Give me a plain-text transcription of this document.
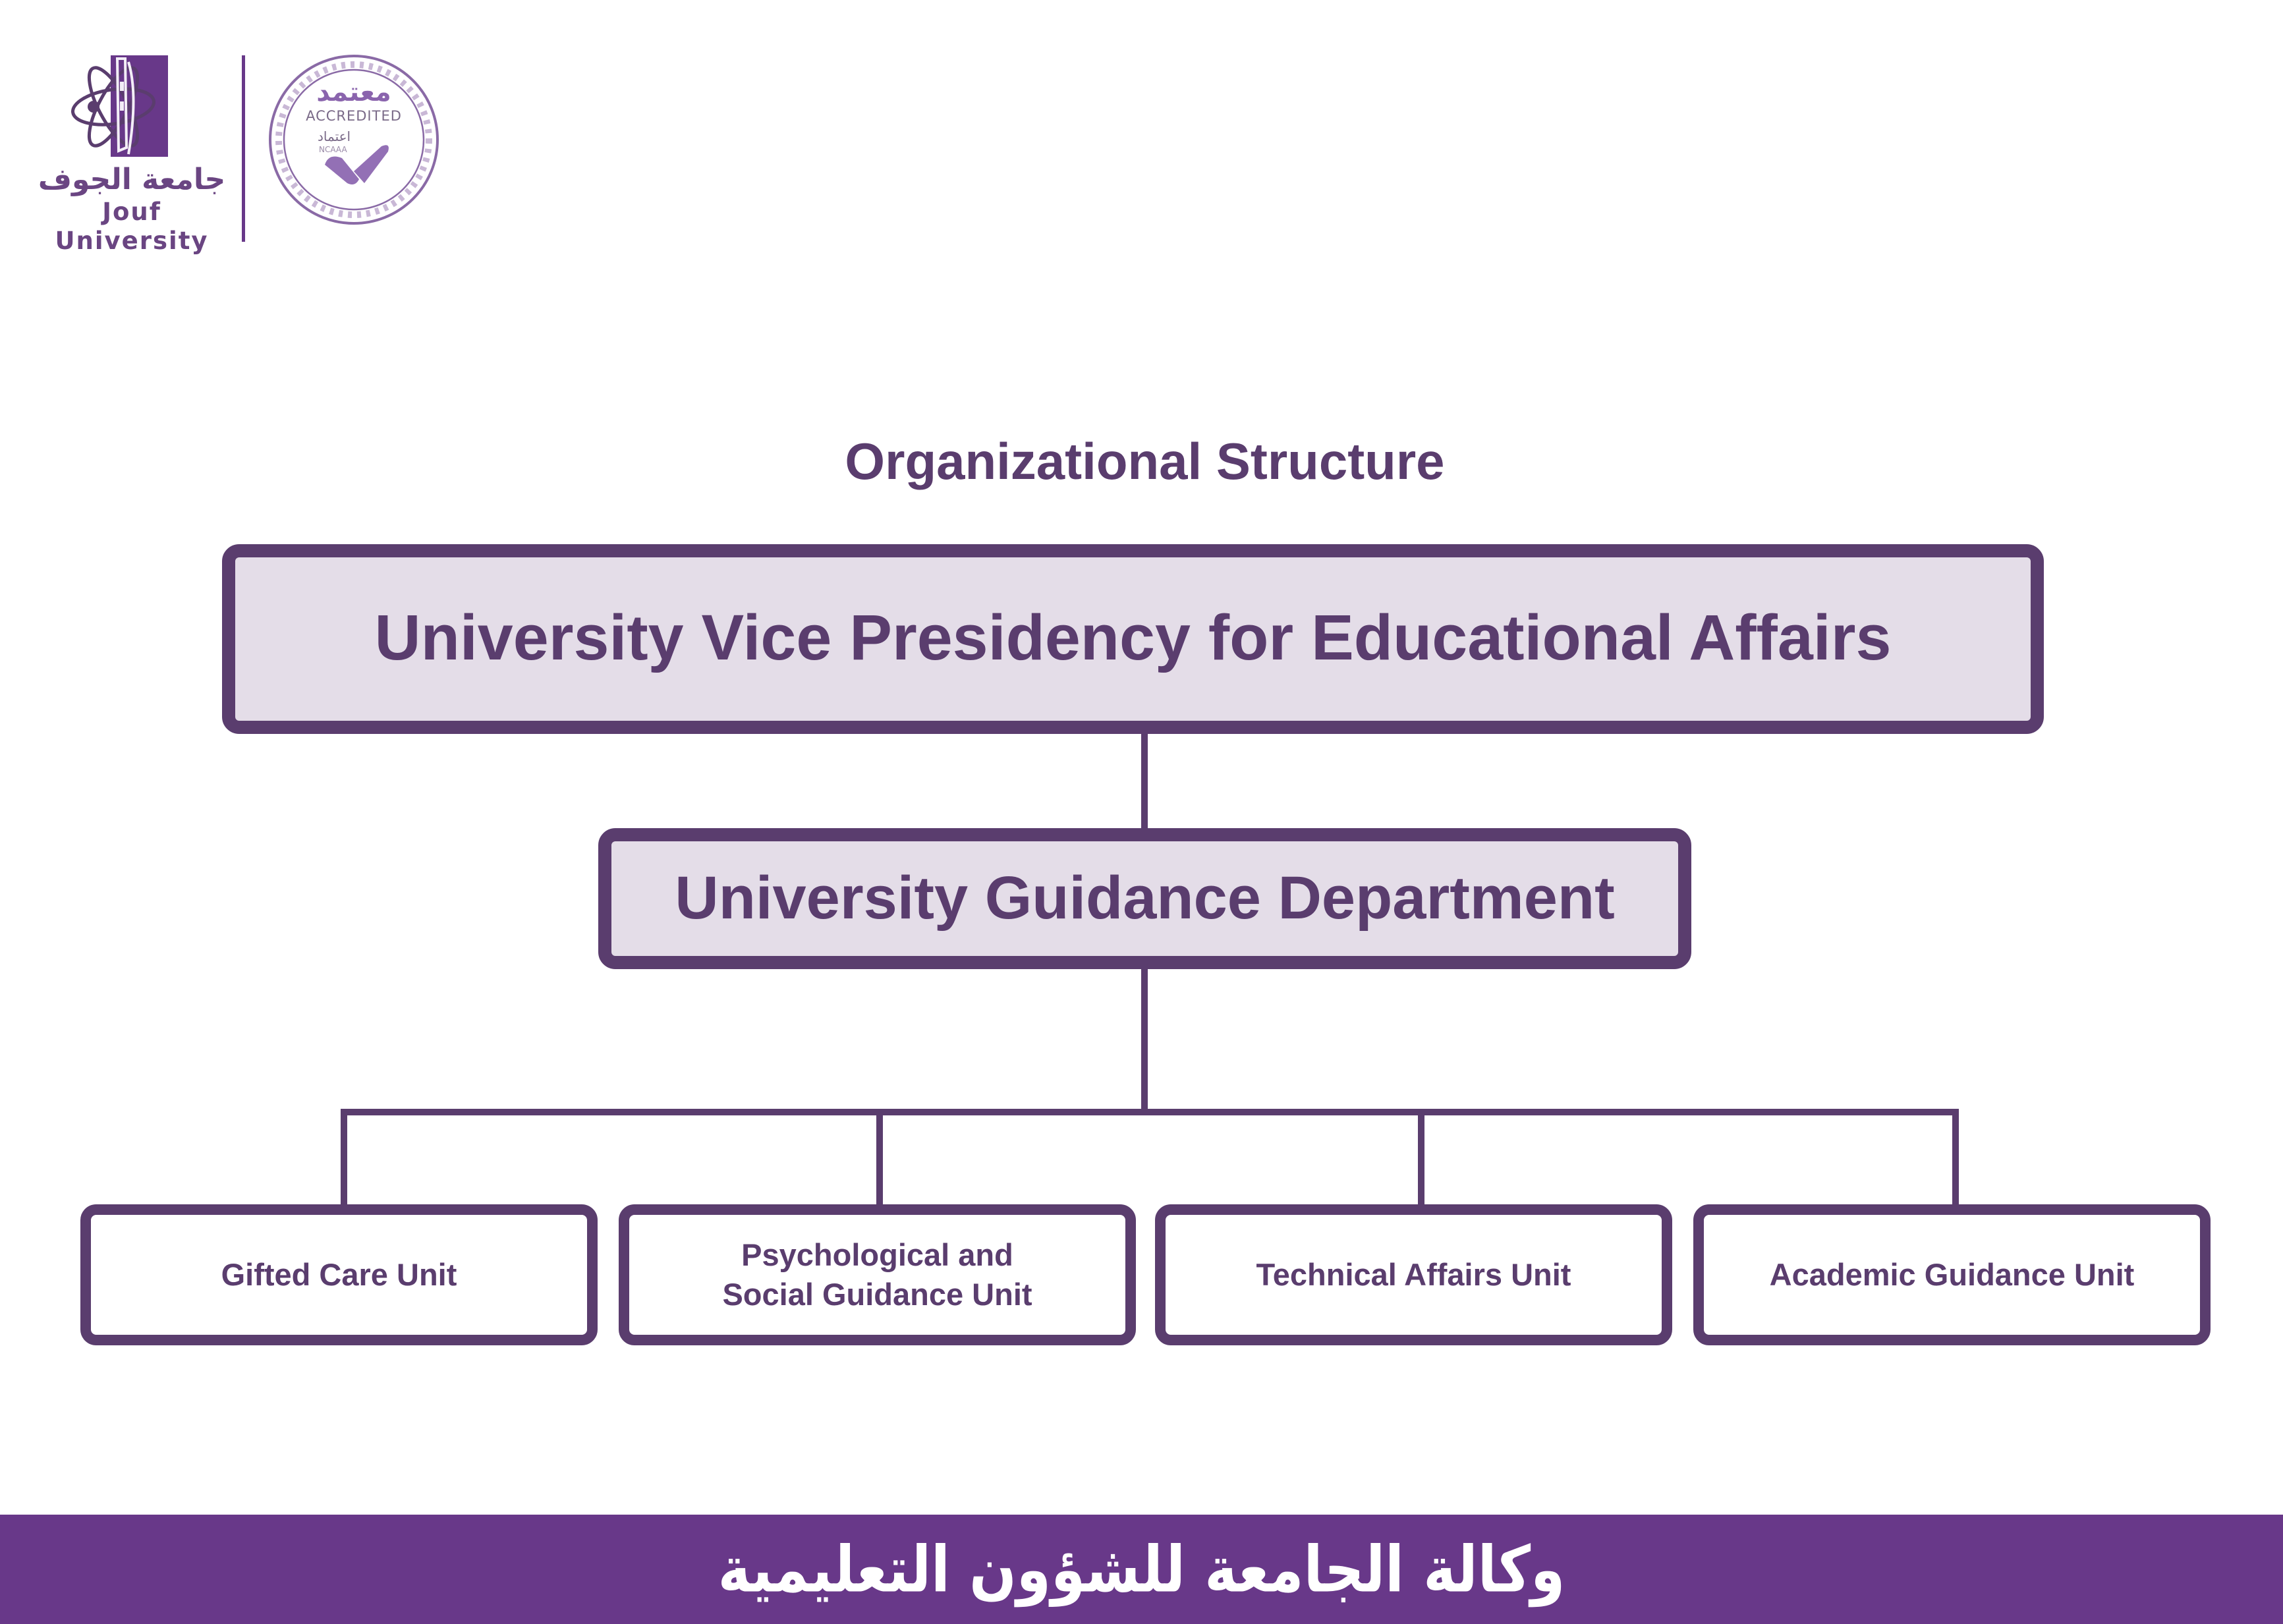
جامعة الجوف
Jouf University
معتمد
ACCREDITED
اعتماد
NCAAA
Organizational Structure
University Vice Presidency for Educational Affairs
University Guidance Department
Gifted Care Unit
Psychological and Social Guidance Unit
Technical Affairs Unit	Academic Guidance Unit
وكالة الجامعة للشؤون التعليمية
